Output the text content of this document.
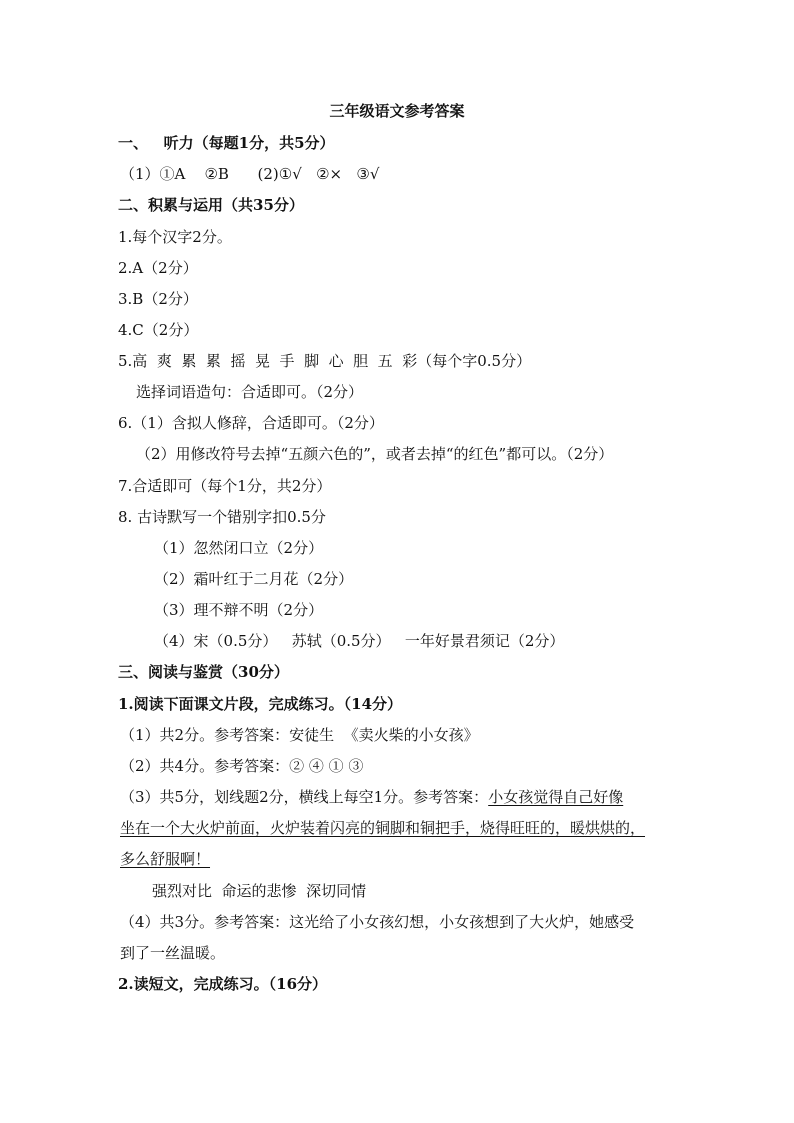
三年级语文参考答案
一、   听力（每题1分，共5分）
（1）①A    ②B      (2)①√   ②×   ③√
二、积累与运用（共35分）
1.每个汉字2分。
2.A（2分）
3.B（2分）
4.C（2分）
5.高  爽  累  累  摇  晃  手  脚  心  胆  五  彩（每个字0.5分）
选择词语造句：合适即可。（2分）
6.（1）含拟人修辞，合适即可。（2分）
（2）用修改符号去掉“五颜六色的”，或者去掉“的红色”都可以。（2分）
7.合适即可（每个1分，共2分）
8. 古诗默写一个错别字扣0.5分
（1）忽然闭口立（2分）
（2）霜叶红于二月花（2分）
（3）理不辩不明（2分）
（4）宋（0.5分）   苏轼（0.5分）   一年好景君须记（2分）
三、阅读与鉴赏（30分）
1.阅读下面课文片段，完成练习。（14分）
（1）共2分。参考答案：安徒生  《卖火柴的小女孩》
（2）共4分。参考答案：② ④ ① ③
（3）共5分，划线题2分，横线上每空1分。参考答案：小女孩觉得自己好像
坐在一个大火炉前面，火炉装着闪亮的铜脚和铜把手，烧得旺旺的，暖烘烘的，
多么舒服啊！
强烈对比  命运的悲惨  深切同情
（4）共3分。参考答案：这光给了小女孩幻想，小女孩想到了大火炉，她感受
到了一丝温暖。
2.读短文，完成练习。（16分）
